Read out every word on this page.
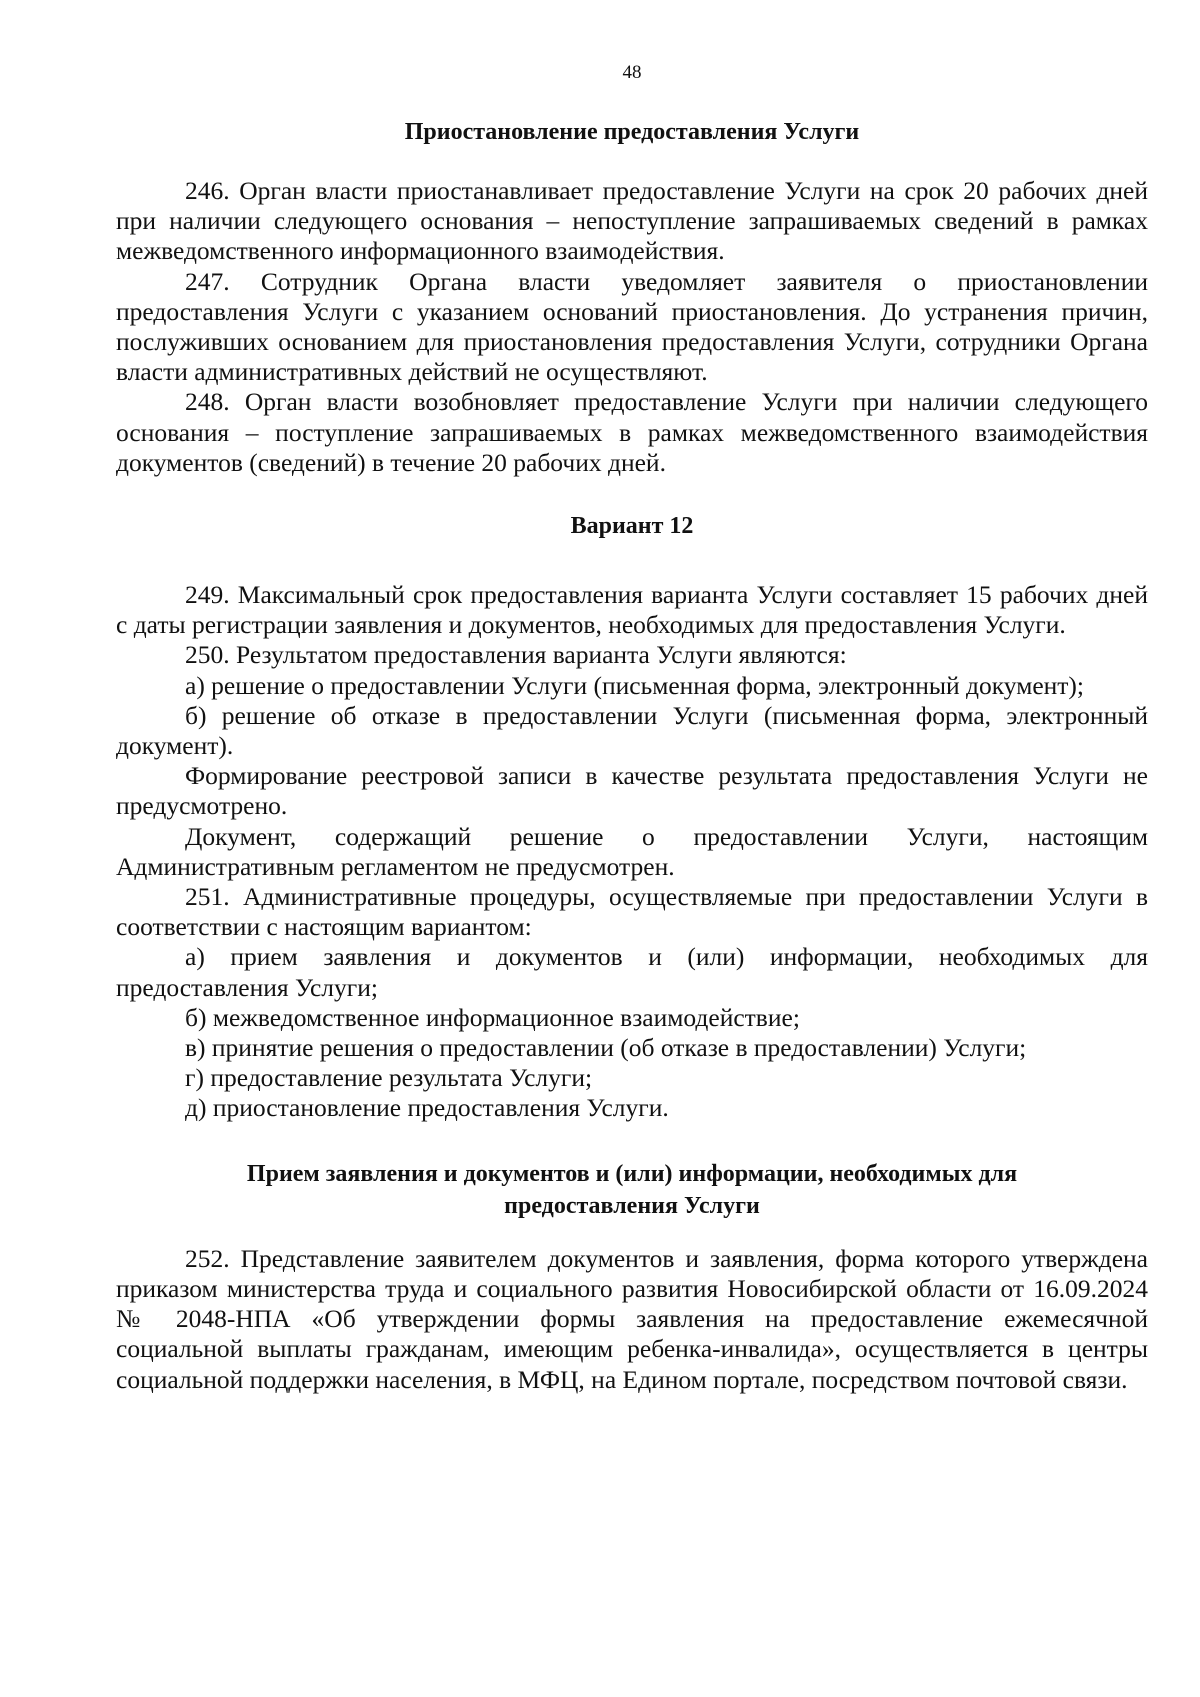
48
Приостановление предоставления Услуги

246. Орган власти приостанавливает предоставление Услуги на срок 20 рабочих дней при наличии следующего основания – непоступление запрашиваемых сведений в рамках межведомственного информационного взаимодействия.

247. Сотрудник Органа власти уведомляет заявителя о приостановлении предоставления Услуги с указанием оснований приостановления. До устранения причин, послуживших основанием для приостановления предоставления Услуги, сотрудники Органа власти административных действий не осуществляют.

248. Орган власти возобновляет предоставление Услуги при наличии следующего основания – поступление запрашиваемых в рамках межведомственного взаимодействия документов (сведений) в течение 20 рабочих дней.

Вариант 12

249. Максимальный срок предоставления варианта Услуги составляет 15 рабочих дней с даты регистрации заявления и документов, необходимых для предоставления Услуги.

250. Результатом предоставления варианта Услуги являются:

а) решение о предоставлении Услуги (письменная форма, электронный документ);

б) решение об отказе в предоставлении Услуги (письменная форма, электронный документ).

Формирование реестровой записи в качестве результата предоставления Услуги не предусмотрено.

Документ, содержащий решение о предоставлении Услуги, настоящим Административным регламентом не предусмотрен.

251. Административные процедуры, осуществляемые при предоставлении Услуги в соответствии с настоящим вариантом:

а) прием заявления и документов и (или) информации, необходимых для предоставления Услуги;

б) межведомственное информационное взаимодействие;

в) принятие решения о предоставлении (об отказе в предоставлении) Услуги;

г) предоставление результата Услуги;

д) приостановление предоставления Услуги.

Прием заявления и документов и (или) информации, необходимых для
предоставления Услуги

252. Представление заявителем документов и заявления, форма которого утверждена приказом министерства труда и социального развития Новосибирской области от 16.09.2024 № 2048-НПА «Об утверждении формы заявления на предоставление ежемесячной социальной выплаты гражданам, имеющим ребенка-инвалида», осуществляется в центры социальной поддержки населения, в МФЦ, на Едином портале, посредством почтовой связи.
